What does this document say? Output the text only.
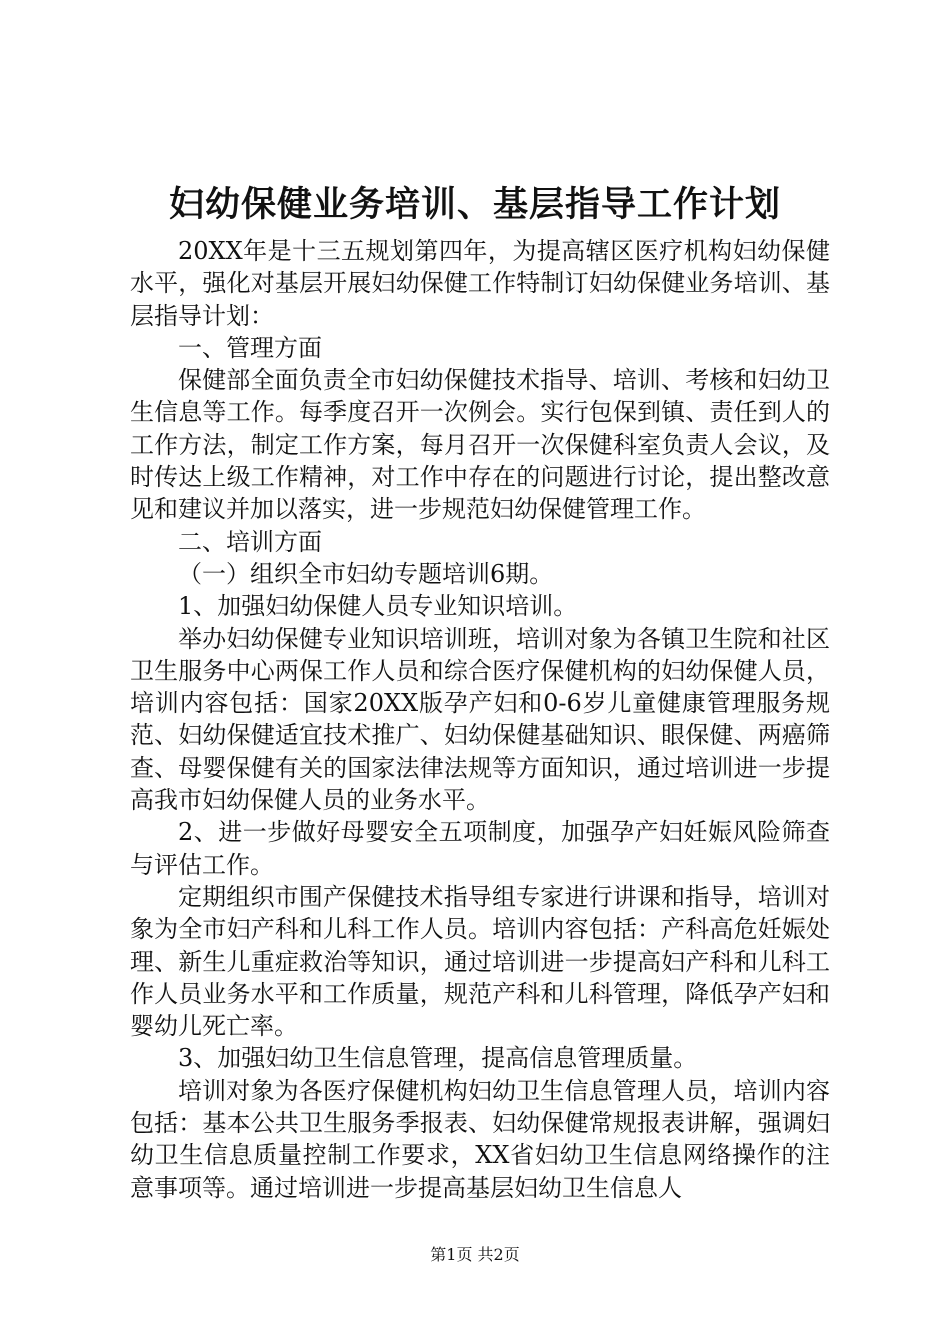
妇幼保健业务培训、基层指导工作计划

20XX年是十三五规划第四年，为提高辖区医疗机构妇幼保健水平，强化对基层开展妇幼保健工作特制订妇幼保健业务培训、基层指导计划：

一、管理方面

保健部全面负责全市妇幼保健技术指导、培训、考核和妇幼卫生信息等工作。每季度召开一次例会。实行包保到镇、责任到人的工作方法，制定工作方案，每月召开一次保健科室负责人会议，及时传达上级工作精神，对工作中存在的问题进行讨论，提出整改意见和建议并加以落实，进一步规范妇幼保健管理工作。

二、培训方面

（一）组织全市妇幼专题培训6期。

1、加强妇幼保健人员专业知识培训。

举办妇幼保健专业知识培训班，培训对象为各镇卫生院和社区卫生服务中心两保工作人员和综合医疗保健机构的妇幼保健人员，培训内容包括：国家20XX版孕产妇和0-6岁儿童健康管理服务规范、妇幼保健适宜技术推广、妇幼保健基础知识、眼保健、两癌筛查、母婴保健有关的国家法律法规等方面知识，通过培训进一步提高我市妇幼保健人员的业务水平。

2、进一步做好母婴安全五项制度，加强孕产妇妊娠风险筛查与评估工作。

定期组织市围产保健技术指导组专家进行讲课和指导，培训对象为全市妇产科和儿科工作人员。培训内容包括：产科高危妊娠处理、新生儿重症救治等知识，通过培训进一步提高妇产科和儿科工作人员业务水平和工作质量，规范产科和儿科管理，降低孕产妇和婴幼儿死亡率。

3、加强妇幼卫生信息管理，提高信息管理质量。

培训对象为各医疗保健机构妇幼卫生信息管理人员，培训内容包括：基本公共卫生服务季报表、妇幼保健常规报表讲解，强调妇幼卫生信息质量控制工作要求，XX省妇幼卫生信息网络操作的注意事项等。通过培训进一步提高基层妇幼卫生信息人

第1页 共2页
